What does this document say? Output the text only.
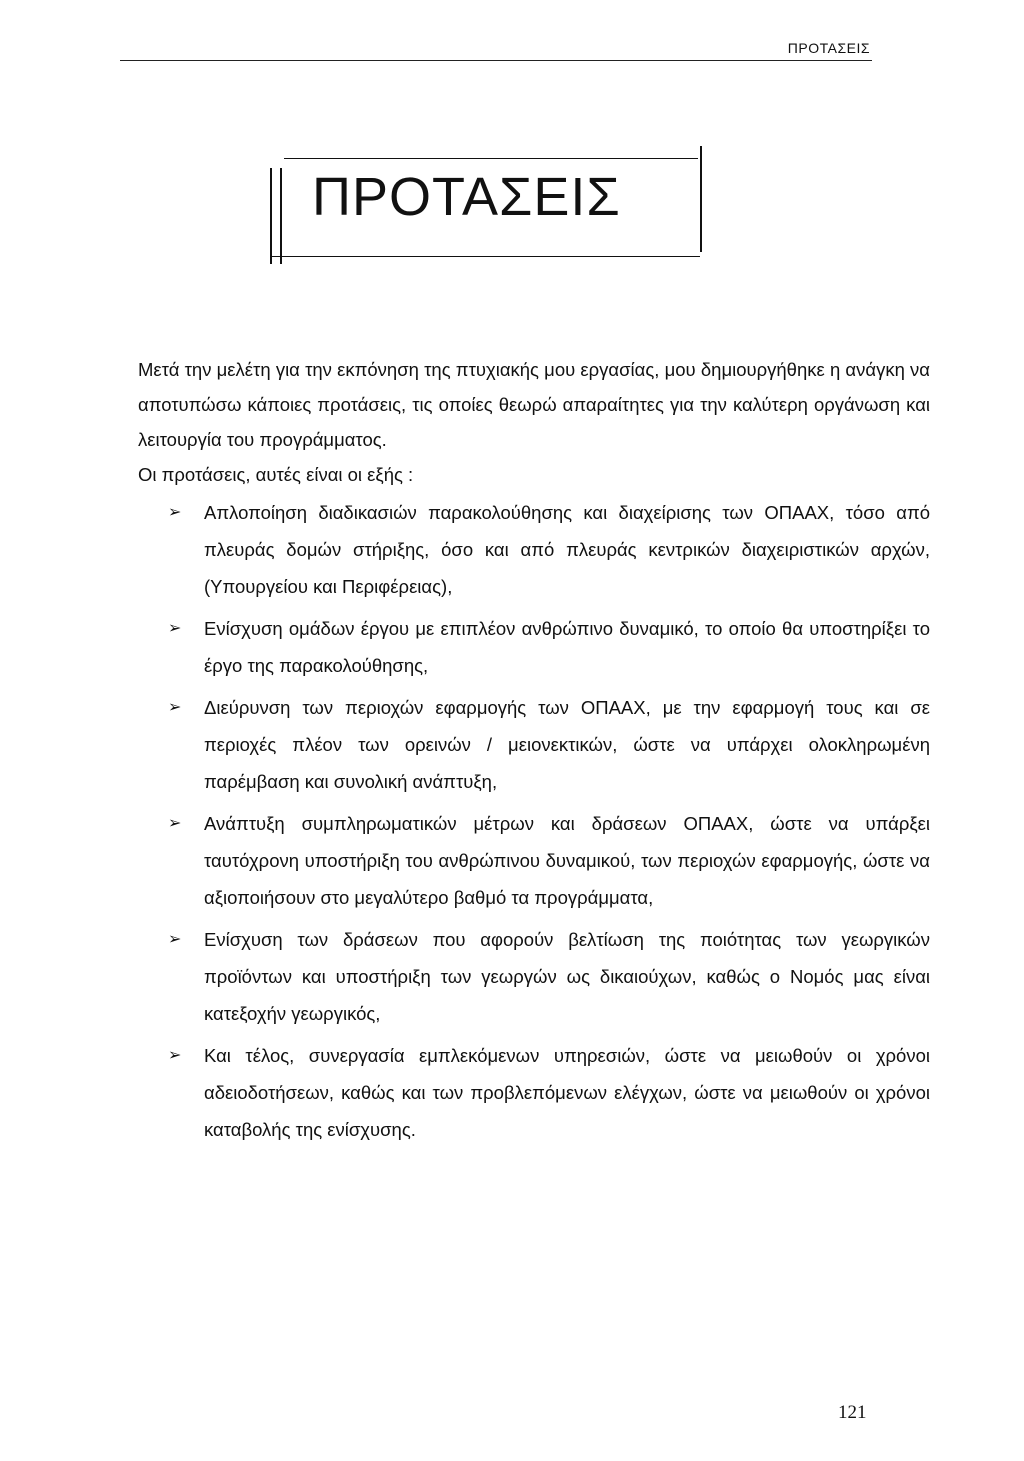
ΠΡΟΤΑΣΕΙΣ
ΠΡΟΤΑΣΕΙΣ

Μετά την μελέτη για την εκπόνηση της πτυχιακής μου εργασίας, μου δημιουργήθηκε η ανάγκη να αποτυπώσω κάποιες προτάσεις, τις οποίες θεωρώ απαραίτητες για την καλύτερη οργάνωση και λειτουργία του προγράμματος.
Οι προτάσεις, αυτές είναι οι εξής :

➢ Απλοποίηση διαδικασιών παρακολούθησης και διαχείρισης των ΟΠΑΑΧ, τόσο από πλευράς δομών στήριξης, όσο και από πλευράς κεντρικών διαχειριστικών αρχών, (Υπουργείου και Περιφέρειας),
➢ Ενίσχυση ομάδων έργου με επιπλέον ανθρώπινο δυναμικό, το οποίο θα υποστηρίξει το έργο της παρακολούθησης,
➢ Διεύρυνση των περιοχών εφαρμογής των ΟΠΑΑΧ, με την εφαρμογή τους και σε περιοχές πλέον των ορεινών / μειονεκτικών, ώστε να υπάρχει ολοκληρωμένη παρέμβαση και συνολική ανάπτυξη,
➢ Ανάπτυξη συμπληρωματικών μέτρων και δράσεων ΟΠΑΑΧ, ώστε να υπάρξει ταυτόχρονη υποστήριξη του ανθρώπινου δυναμικού, των περιοχών εφαρμογής, ώστε να αξιοποιήσουν στο μεγαλύτερο βαθμό τα προγράμματα,
➢ Ενίσχυση των δράσεων που αφορούν βελτίωση της ποιότητας των γεωργικών προϊόντων και υποστήριξη των γεωργών ως δικαιούχων, καθώς ο Νομός μας είναι κατεξοχήν γεωργικός,
➢ Και τέλος, συνεργασία εμπλεκόμενων υπηρεσιών, ώστε να μειωθούν οι χρόνοι αδειοδοτήσεων, καθώς και των προβλεπόμενων ελέγχων, ώστε να μειωθούν οι χρόνοι καταβολής της ενίσχυσης.
121
